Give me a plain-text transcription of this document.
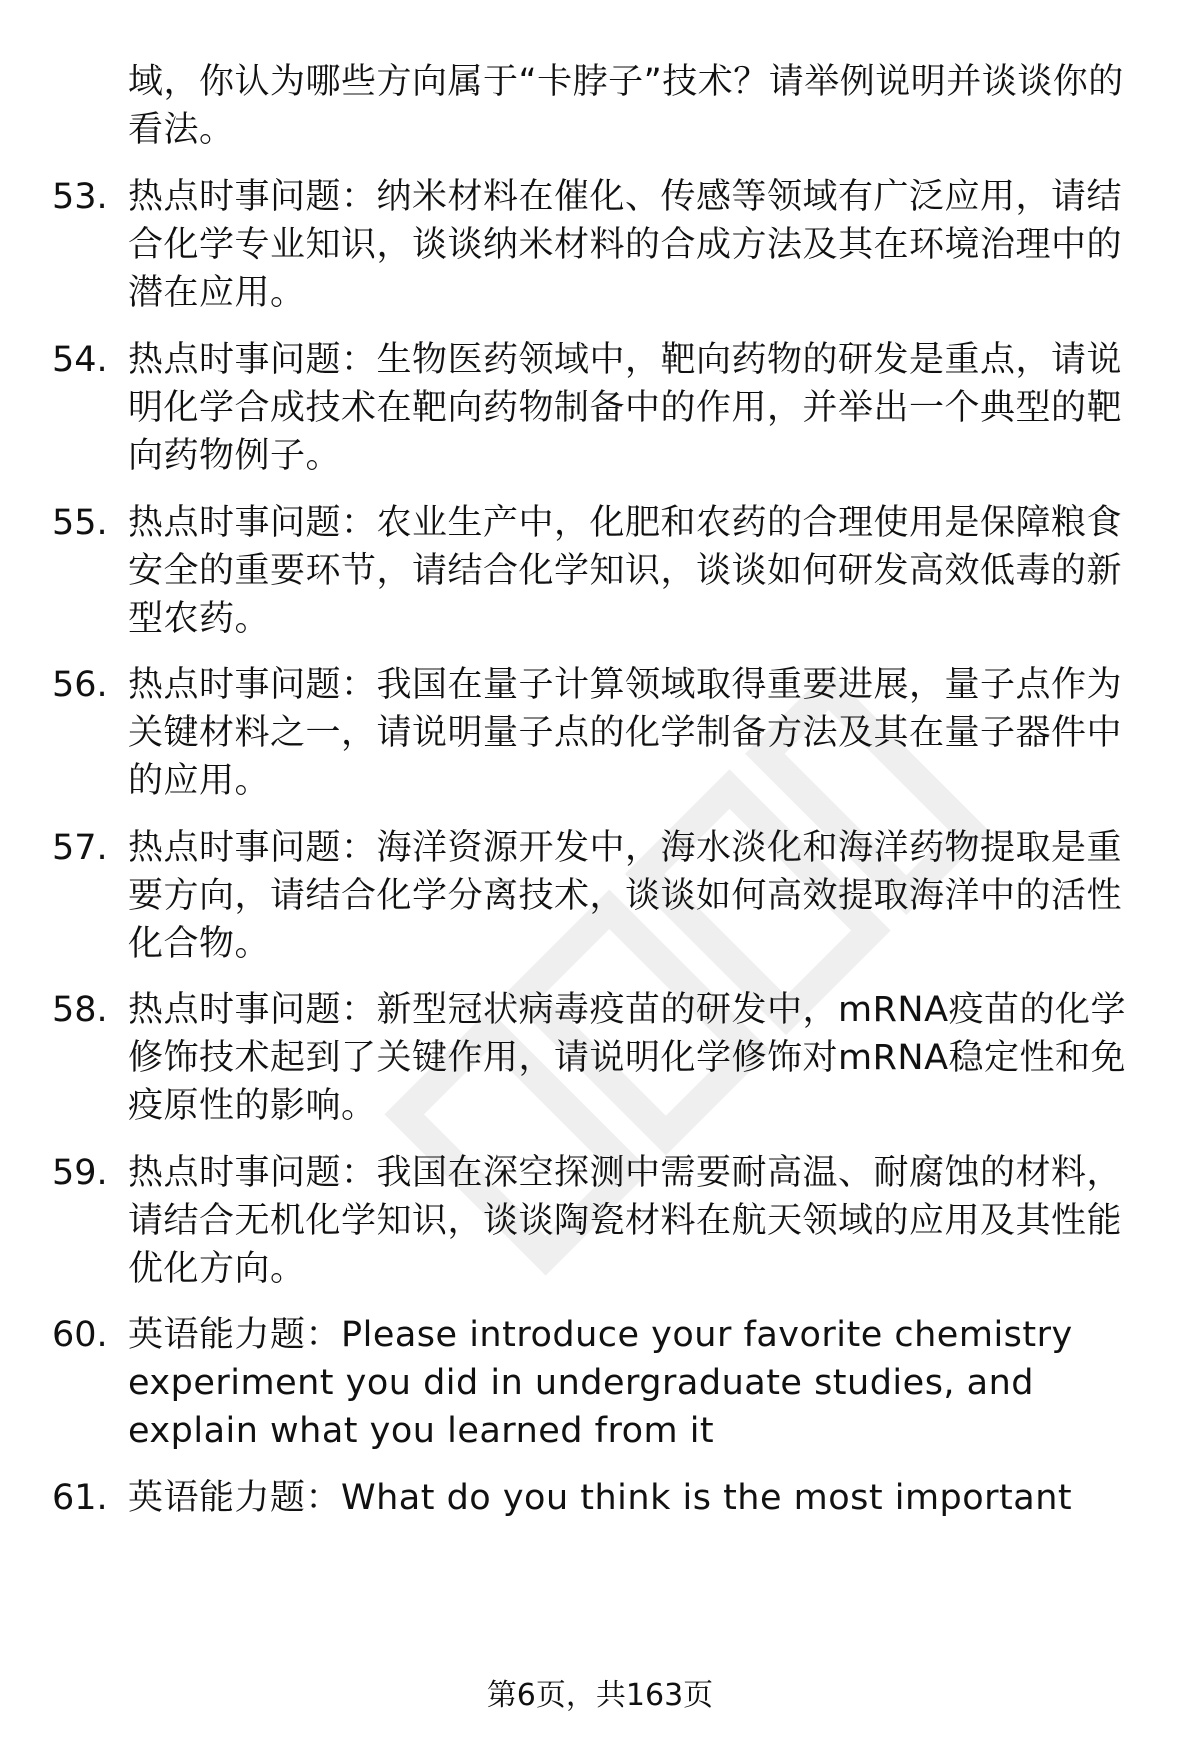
域，你认为哪些方向属于“卡脖子”技术？请举例说明并谈谈你的看法。
53. 热点时事问题：纳米材料在催化、传感等领域有广泛应用，请结合化学专业知识，谈谈纳米材料的合成方法及其在环境治理中的潜在应用。
54. 热点时事问题：生物医药领域中，靶向药物的研发是重点，请说明化学合成技术在靶向药物制备中的作用，并举出一个典型的靶向药物例子。
55. 热点时事问题：农业生产中，化肥和农药的合理使用是保障粮食安全的重要环节，请结合化学知识，谈谈如何研发高效低毒的新型农药。
56. 热点时事问题：我国在量子计算领域取得重要进展，量子点作为关键材料之一，请说明量子点的化学制备方法及其在量子器件中的应用。
57. 热点时事问题：海洋资源开发中，海水淡化和海洋药物提取是重要方向，请结合化学分离技术，谈谈如何高效提取海洋中的活性化合物。
58. 热点时事问题：新型冠状病毒疫苗的研发中，mRNA疫苗的化学修饰技术起到了关键作用，请说明化学修饰对mRNA稳定性和免疫原性的影响。
59. 热点时事问题：我国在深空探测中需要耐高温、耐腐蚀的材料，请结合无机化学知识，谈谈陶瓷材料在航天领域的应用及其性能优化方向。
60. 英语能力题：Please introduce your favorite chemistry experiment you did in undergraduate studies, and explain what you learned from it
61. 英语能力题：What do you think is the most important
第6页，共163页
